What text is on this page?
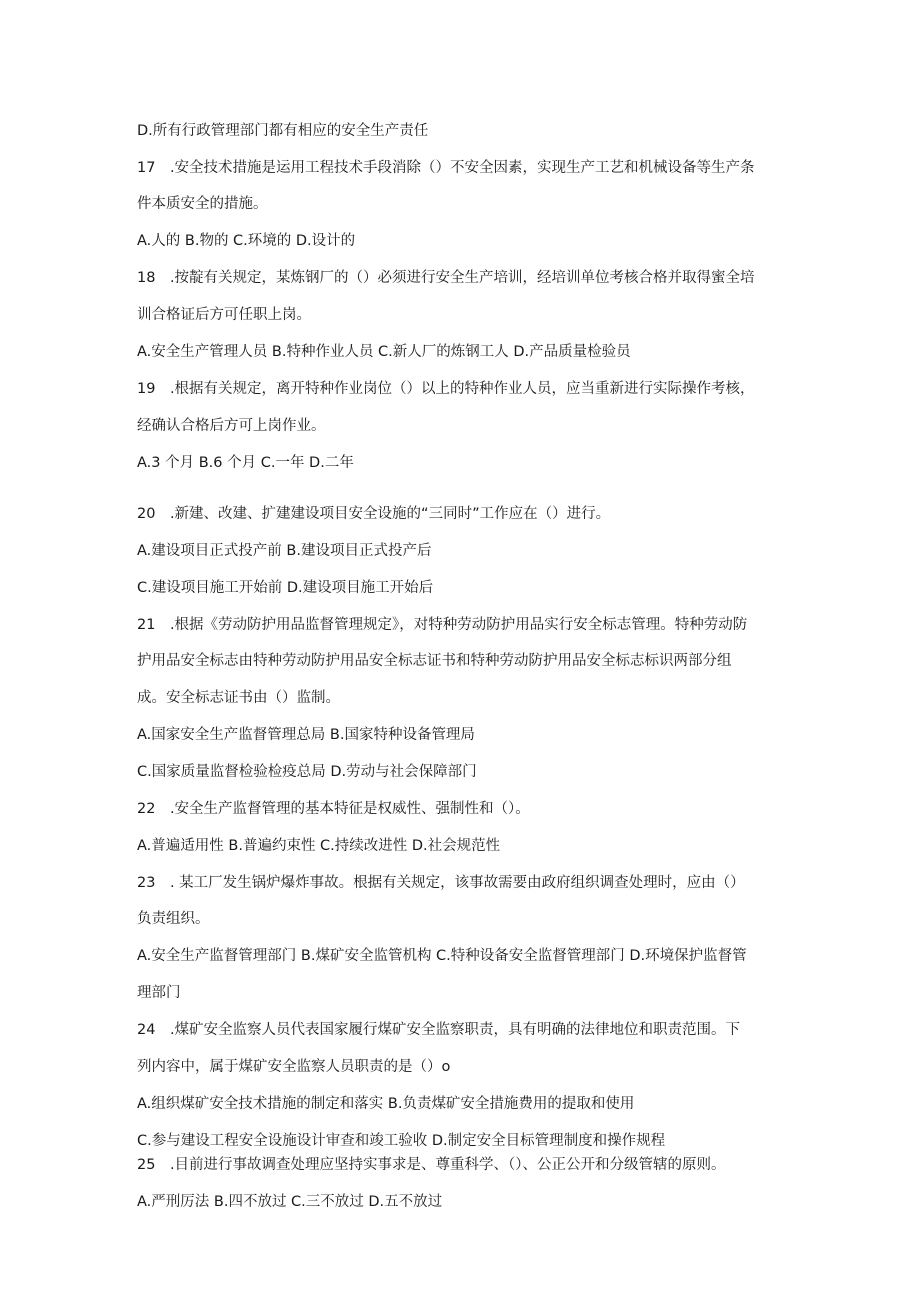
D.所有行政管理部门都有相应的安全生产责任
17　.安全技术措施是运用工程技术手段消除（）不安全因素，实现生产工艺和机械设备等生产条
件本质安全的措施。
A.人的 B.物的 C.环境的 D.设计的
18　.按靛有关规定，某炼钢厂的（）必须进行安全生产培训，经培训单位考核合格并取得蜜全培
训合格证后方可任职上岗。
A.安全生产管理人员 B.特种作业人员 C.新人厂的炼钢工人 D.产品质量检验员
19　.根据有关规定，离开特种作业岗位（）以上的特种作业人员，应当重新进行实际操作考核，
经确认合格后方可上岗作业。
A.3 个月 B.6 个月 C.一年 D.二年
20　.新建、改建、扩建建设项目安全设施的“三同时”工作应在（）进行。
A.建设项目正式投产前 B.建设项目正式投产后
C.建设项目施工开始前 D.建设项目施工开始后
21　.根据《劳动防护用品监督管理规定》，对特种劳动防护用品实行安全标志管理。特种劳动防
护用品安全标志由特种劳动防护用品安全标志证书和特种劳动防护用品安全标志标识两部分组
成。安全标志证书由（）监制。
A.国家安全生产监督管理总局 B.国家特种设备管理局
C.国家质量监督检验检疫总局 D.劳动与社会保障部门
22　.安全生产监督管理的基本特征是权威性、强制性和（）。
A.普遍适用性 B.普遍约束性 C.持续改进性 D.社会规范性
23　. 某工厂发生锅炉爆炸事故。根据有关规定，该事故需要由政府组织调查处理时，应由（）
负责组织。
A.安全生产监督管理部门 B.煤矿安全监管机构 C.特种设备安全监督管理部门 D.环境保护监督管
理部门
24　.煤矿安全监察人员代表国家履行煤矿安全监察职责，具有明确的法律地位和职责范围。下
列内容中，属于煤矿安全监察人员职责的是（）o
A.组织煤矿安全技术措施的制定和落实 B.负责煤矿安全措施费用的提取和使用
C.参与建设工程安全设施设计审查和竣工验收 D.制定安全目标管理制度和操作规程
25　.目前进行事故调查处理应坚持实事求是、尊重科学、（）、公正公开和分级管辖的原则。
A.严刑厉法 B.四不放过 C.三不放过 D.五不放过
